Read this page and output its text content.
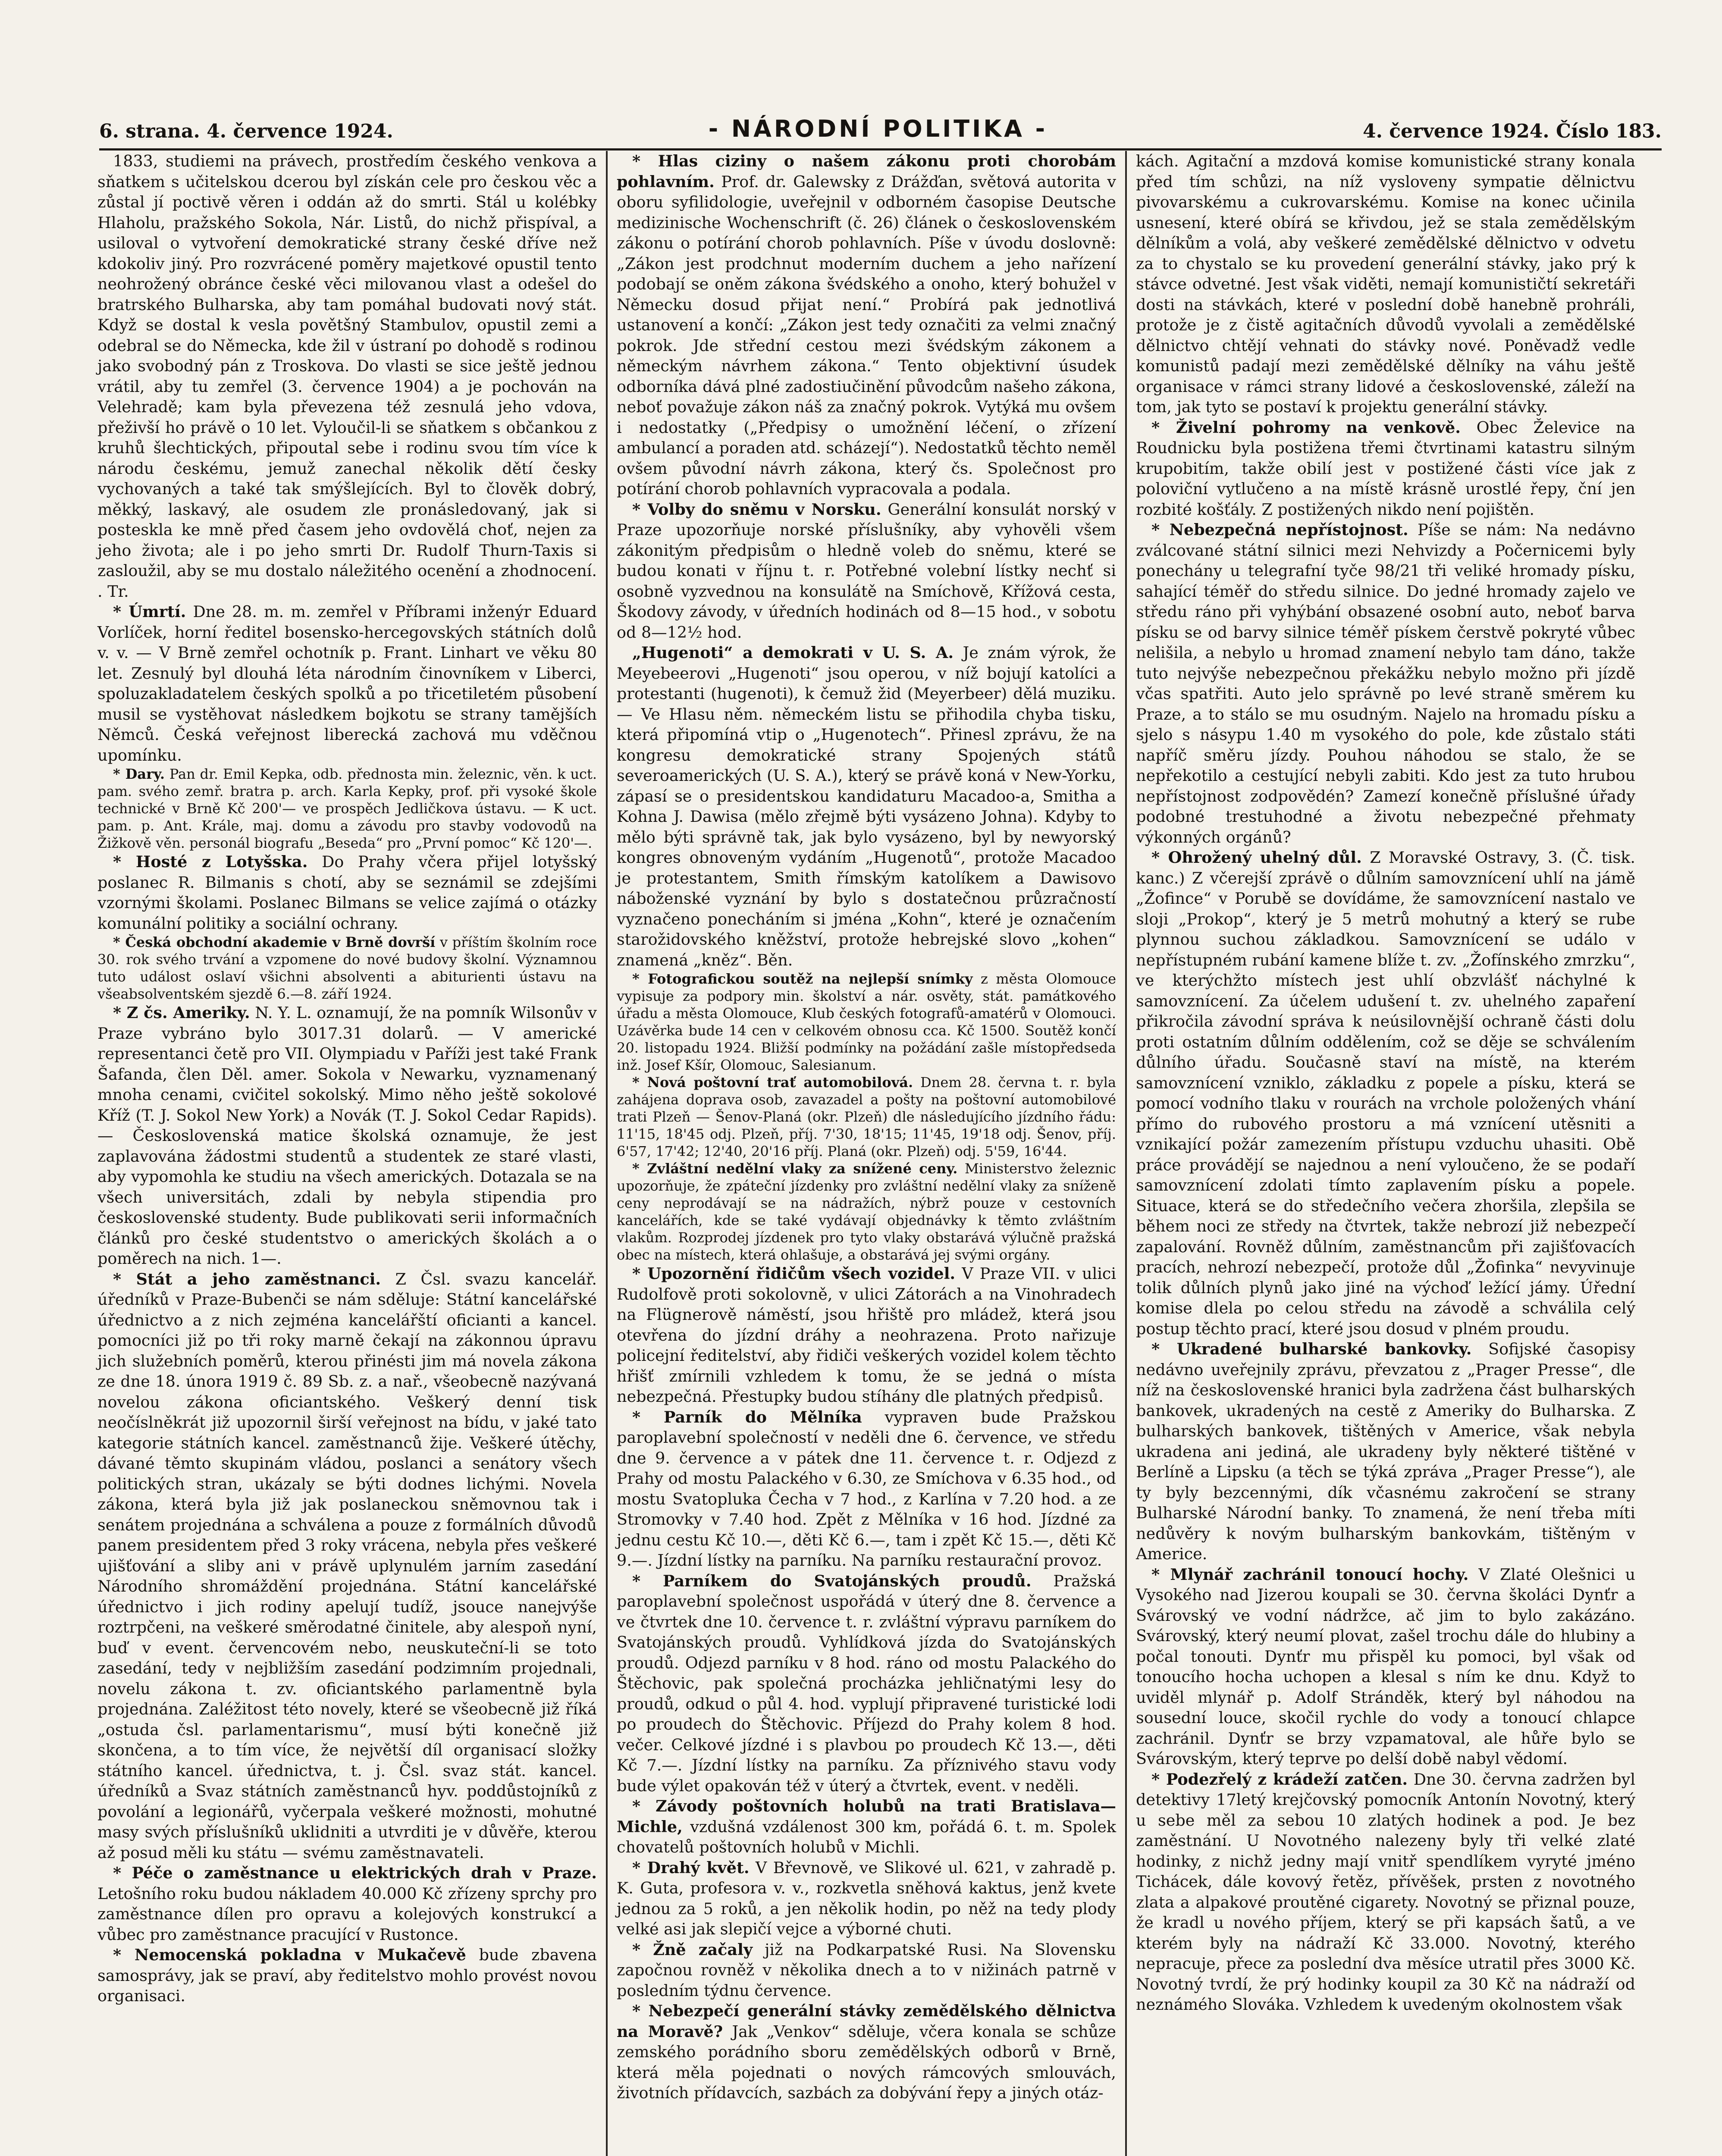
6. strana. 4. července 1924.	- NÁRODNÍ POLITIKA -	4. července 1924. Číslo 183.

1833, studiemi na právech, prostředím českého venkova a sňatkem s učitelskou dcerou byl získán cele pro českou věc a zůstal jí poctivě věren i oddán až do smrti. Stál u kolébky Hlaholu, pražského Sokola, Nár. Listů, do nichž přispíval, a usiloval o vytvoření demokratické strany české dříve než kdokoliv jiný. Pro rozvrácené poměry majetkové opustil tento neohrožený obránce české věci milovanou vlast a odešel do bratrského Bulharska, aby tam pomáhal budovati nový stát. Když se dostal k vesla povětšný Stambulov, opustil zemi a odebral se do Německa, kde žil v ústraní po dohodě s rodinou jako svobodný pán z Troskova. Do vlasti se sice ještě jednou vrátil, aby tu zemřel (3. července 1904) a je pochován na Velehradě; kam byla převezena též zesnulá jeho vdova, přeživší ho právě o 10 let. Vyloučil-li se sňatkem s občankou z kruhů šlechtických, připoutal sebe i rodinu svou tím více k národu českému, jemuž zanechal několik dětí česky vychovaných a také tak smýšlejících. Byl to člověk dobrý, měkký, laskavý, ale osudem zle pronásledovaný, jak si posteskla ke mně před časem jeho ovdovělá choť, nejen za jeho života; ale i po jeho smrti Dr. Rudolf Thurn-Taxis si zasloužil, aby se mu dostalo náležitého ocenění a zhodnocení. . Tr.

* Úmrtí. Dne 28. m. m. zemřel v Příbrami inženýr Eduard Vorlíček, horní ředitel bosensko-hercegovských státních dolů v. v. — V Brně zemřel ochotník p. Frant. Linhart ve věku 80 let. Zesnulý byl dlouhá léta národním činovníkem v Liberci, spoluzakladatelem českých spolků a po třicetiletém působení musil se vystěhovat následkem bojkotu se strany tamějších Němců. Česká veřejnost liberecká zachová mu vděčnou upomínku.

* Dary. Pan dr. Emil Kepka, odb. přednosta min. železnic, věn. k uct. pam. svého zemř. bratra p. arch. Karla Kepky, prof. při vysoké škole technické v Brně Kč 200'— ve prospěch Jedličkova ústavu. — K uct. pam. p. Ant. Krále, maj. domu a závodu pro stavby vodovodů na Žižkově věn. personál biografu „Beseda“ pro „První pomoc“ Kč 120'—.

* Hosté z Lotyšska. Do Prahy včera přijel lotyšský poslanec R. Bilmanis s chotí, aby se seznámil se zdejšími vzornými školami. Poslanec Bilmans se velice zajímá o otázky komunální politiky a sociální ochrany.

* Česká obchodní akademie v Brně dovrší v příštím školním roce 30. rok svého trvání a vzpomene do nové budovy školní. Významnou tuto událost oslaví všichni absolventi a abiturienti ústavu na všeabsolventském sjezdě 6.—8. září 1924.

* Z čs. Ameriky. N. Y. L. oznamují, že na pomník Wilsonův v Praze vybráno bylo 3017.31 dolarů. — V americké representanci četě pro VII. Olympiadu v Paříži jest také Frank Šafanda, člen Děl. amer. Sokola v Newarku, vyznamenaný mnoha cenami, cvičitel sokolský. Mimo něho ještě sokolové Kříž (T. J. Sokol New York) a Novák (T. J. Sokol Cedar Rapids). — Československá matice školská oznamuje, že jest zaplavována žádostmi studentů a studentek ze staré vlasti, aby vypomohla ke studiu na všech amerických. Dotazala se na všech universitách, zdali by nebyla stipendia pro československé studenty. Bude publikovati serii informačních článků pro české studentstvo o amerických školách a o poměrech na nich. 1—.

* Stát a jeho zaměstnanci. Z Čsl. svazu kancelář. úředníků v Praze-Bubenči se nám sděluje: Státní kancelářské úřednictvo a z nich zejména kancelářští oficianti a kancel. pomocníci již po tři roky marně čekají na zákonnou úpravu jich služebních poměrů, kterou přinésti jim má novela zákona ze dne 18. února 1919 č. 89 Sb. z. a nař., všeobecně nazývaná novelou zákona oficiantského. Veškerý denní tisk neočíslněkrát již upozornil širší veřejnost na bídu, v jaké tato kategorie státních kancel. zaměstnanců žije. Veškeré útěchy, dávané těmto skupinám vládou, poslanci a senátory všech politických stran, ukázaly se býti dodnes lichými. Novela zákona, která byla již jak poslaneckou sněmovnou tak i senátem projednána a schválena a pouze z formálních důvodů panem presidentem před 3 roky vrácena, nebyla přes veškeré ujišťování a sliby ani v právě uplynulém jarním zasedání Národního shromáždění projednána. Státní kancelářské úřednictvo i jich rodiny apelují tudíž, jsouce nanejvýše roztrpčeni, na veškeré směrodatné činitele, aby alespoň nyní, buď v event. červencovém nebo, neuskuteční-li se toto zasedání, tedy v nejbližším zasedání podzimním projednali, novelu zákona t. zv. oficiantského parlamentně byla projednána. Zaléžitost této novely, které se všeobecně již říká „ostuda čsl. parlamentarismu“, musí býti konečně již skončena, a to tím více, že největší díl organisací složky státního kancel. úřednictva, t. j. Čsl. svaz stát. kancel. úředníků a Svaz státních zaměstnanců hyv. poddůstojníků z povolání a legionářů, vyčerpala veškeré možnosti, mohutné masy svých příslušníků uklidniti a utvrditi je v důvěře, kterou až posud měli ku státu — svému zaměstnavateli.

* Péče o zaměstnance u elektrických drah v Praze. Letošního roku budou nákladem 40.000 Kč zřízeny sprchy pro zaměstnance dílen pro opravu a kolejových konstrukcí a vůbec pro zaměstnance pracující v Rustonce.

* Nemocenská pokladna v Mukačevě bude zbavena samosprávy, jak se praví, aby ředitelstvo mohlo provést novou organisaci.

* Hlas ciziny o našem zákonu proti chorobám pohlavním. Prof. dr. Galewsky z Drážďan, světová autorita v oboru syfilidologie, uveřejnil v odborném časopise Deutsche medizinische Wochenschrift (č. 26) článek o československém zákonu o potírání chorob pohlavních. Píše v úvodu doslovně: „Zákon jest prodchnut moderním duchem a jeho nařízení podobají se oněm zákona švédského a onoho, který bohužel v Německu dosud přijat není.“ Probírá pak jednotlivá ustanovení a končí: „Zákon jest tedy označiti za velmi značný pokrok. Jde střední cestou mezi švédským zákonem a německým návrhem zákona.“ Tento objektivní úsudek odborníka dává plné zadostiučinění původcům našeho zákona, neboť považuje zákon náš za značný pokrok. Vytýká mu ovšem i nedostatky („Předpisy o umožnění léčení, o zřízení ambulancí a poraden atd. scházejí“). Nedostatků těchto neměl ovšem původní návrh zákona, který čs. Společnost pro potírání chorob pohlavních vypracovala a podala.

* Volby do sněmu v Norsku. Generální konsulát norský v Praze upozorňuje norské příslušníky, aby vyhověli všem zákonitým předpisům o hledně voleb do sněmu, které se budou konati v říjnu t. r. Potřebné volební lístky nechť si osobně vyzvednou na konsulátě na Smíchově, Křížová cesta, Škodovy závody, v úředních hodinách od 8—15 hod., v sobotu od 8—12½ hod.

„Hugenoti“ a demokrati v U. S. A. Je znám výrok, že Meyebeerovi „Hugenoti“ jsou operou, v níž bojují katolíci a protestanti (hugenoti), k čemuž žid (Meyerbeer) dělá muziku. — Ve Hlasu něm. německém listu se přihodila chyba tisku, která připomíná vtip o „Hugenotech“. Přinesl zprávu, že na kongresu demokratické strany Spojených států severoamerických (U. S. A.), který se právě koná v New-Yorku, zápasí se o presidentskou kandidaturu Macadoo-a, Smitha a Kohna J. Dawisa (mělo zřejmě býti vysázeno Johna). Kdyby to mělo býti správně tak, jak bylo vysázeno, byl by newyorský kongres obnoveným vydáním „Hugenotů“, protože Macadoo je protestantem, Smith římským katolíkem a Dawisovo náboženské vyznání by bylo s dostatečnou průzračností vyznačeno ponecháním si jména „Kohn“, které je označením starožidovského kněžství, protože hebrejské slovo „kohen“ znamená „kněz“. Běn.

* Fotografickou soutěž na nejlepší snímky z města Olomouce vypisuje za podpory min. školství a nár. osvěty, stát. památkového úřadu a města Olomouce, Klub českých fotografů-amatérů v Olomouci. Uzávěrka bude 14 cen v celkovém obnosu cca. Kč 1500. Soutěž končí 20. listopadu 1924. Bližší podmínky na požádání zašle místopředseda inž. Josef Kšír, Olomouc, Salesianum.

* Nová poštovní trať automobilová. Dnem 28. června t. r. byla zahájena doprava osob, zavazadel a pošty na poštovní automobilové trati Plzeň — Šenov-Planá (okr. Plzeň) dle následujícího jízdního řádu: 11'15, 18'45 odj. Plzeň, příj. 7'30, 18'15; 11'45, 19'18 odj. Šenov, příj. 6'57, 17'42; 12'40, 20'16 příj. Planá (okr. Plzeň) odj. 5'59, 16'44.

* Zvláštní nedělní vlaky za snížené ceny. Ministerstvo železnic upozorňuje, že zpáteční jízdenky pro zvláštní nedělní vlaky za sníženě ceny neprodávají se na nádražích, nýbrž pouze v cestovních kancelářích, kde se také vydávají objednávky k těmto zvláštním vlakům. Rozprodej jízdenek pro tyto vlaky obstarává výlučně pražská obec na místech, která ohlašuje, a obstarává jej svými orgány.

* Upozornění řidičům všech vozidel. V Praze VII. v ulici Rudolfově proti sokolovně, v ulici Zátorách a na Vinohradech na Flügnerově náměstí, jsou hřiště pro mládež, která jsou otevřena do jízdní dráhy a neohrazena. Proto nařizuje policejní ředitelství, aby řidiči veškerých vozidel kolem těchto hřišť zmírnili vzhledem k tomu, že se jedná o místa nebezpečná. Přestupky budou stíhány dle platných předpisů.

* Parník do Mělníka vypraven bude Pražskou paroplavební společností v neděli dne 6. července, ve středu dne 9. července a v pátek dne 11. července t. r. Odjezd z Prahy od mostu Palackého v 6.30, ze Smíchova v 6.35 hod., od mostu Svatopluka Čecha v 7 hod., z Karlína v 7.20 hod. a ze Stromovky v 7.40 hod. Zpět z Mělníka v 16 hod. Jízdné za jednu cestu Kč 10.—, děti Kč 6.—, tam i zpět Kč 15.—, děti Kč 9.—. Jízdní lístky na parníku. Na parníku restaurační provoz.

* Parníkem do Svatojánských proudů. Pražská paroplavební společnost uspořádá v úterý dne 8. července a ve čtvrtek dne 10. července t. r. zvláštní výpravu parníkem do Svatojánských proudů. Vyhlídková jízda do Svatojánských proudů. Odjezd parníku v 8 hod. ráno od mostu Palackého do Štěchovic, pak společná procházka jehličnatými lesy do proudů, odkud o půl 4. hod. vyplují připravené turistické lodi po proudech do Štěchovic. Příjezd do Prahy kolem 8 hod. večer. Celkové jízdné i s plavbou po proudech Kč 13.—, děti Kč 7.—. Jízdní lístky na parníku. Za příznivého stavu vody bude výlet opakován též v úterý a čtvrtek, event. v neděli.

* Závody poštovních holubů na trati Bratislava—Michle, vzdušná vzdálenost 300 km, pořádá 6. t. m. Spolek chovatelů poštovních holubů v Michli.

* Drahý květ. V Břevnově, ve Slikové ul. 621, v zahradě p. K. Guta, profesora v. v., rozkvetla sněhová kaktus, jenž kvete jednou za 5 roků, a jen několik hodin, po něž na tedy plody velké asi jak slepičí vejce a výborné chuti.

* Žně začaly již na Podkarpatské Rusi. Na Slovensku započnou rovněž v několika dnech a to v nižinách patrně v posledním týdnu července.

* Nebezpečí generální stávky zemědělského dělnictva na Moravě? Jak „Venkov“ sděluje, včera konala se schůze zemského porádního sboru zemědělských odborů v Brně, která měla pojednati o nových rámcových smlouvách, životních přídavcích, sazbách za dobývání řepy a jiných otáz-

kách. Agitační a mzdová komise komunistické strany konala před tím schůzi, na níž vysloveny sympatie dělnictvu pivovarskému a cukrovarskému. Komise na konec učinila usnesení, které obírá se křivdou, jež se stala zemědělským dělníkům a volá, aby veškeré zemědělské dělnictvo v odvetu za to chystalo se ku provedení generální stávky, jako prý k stávce odvetné. Jest však viděti, nemají komunističtí sekretáři dosti na stávkách, které v poslední době hanebně prohráli, protože je z čistě agitačních důvodů vyvolali a zemědělské dělnictvo chtějí vehnati do stávky nové. Poněvadž vedle komunistů padají mezi zemědělské dělníky na váhu ještě organisace v rámci strany lidové a československé, záleží na tom, jak tyto se postaví k projektu generální stávky.

* Živelní pohromy na venkově. Obec Želevice na Roudnicku byla postižena třemi čtvrtinami katastru silným krupobitím, takže obilí jest v postižené části více jak z poloviční vytlučeno a na místě krásně urostlé řepy, ční jen rozbité košťály. Z postižených nikdo není pojištěn.

* Nebezpečná nepřístojnost. Píše se nám: Na nedávno zválcované státní silnici mezi Nehvizdy a Počernicemi byly ponechány u telegrafní tyče 98/21 tři veliké hromady písku, sahající téměř do středu silnice. Do jedné hromady zajelo ve středu ráno při vyhýbání obsazené osobní auto, neboť barva písku se od barvy silnice téměř pískem čerstvě pokryté vůbec nelišila, a nebylo u hromad znamení nebylo tam dáno, takže tuto nejvýše nebezpečnou překážku nebylo možno při jízdě včas spatřiti. Auto jelo správně po levé straně směrem ku Praze, a to stálo se mu osudným. Najelo na hromadu písku a sjelo s násypu 1.40 m vysokého do pole, kde zůstalo státi napříč směru jízdy. Pouhou náhodou se stalo, že se nepřekotilo a cestující nebyli zabiti. Kdo jest za tuto hrubou nepřístojnost zodpovědén? Zamezí konečně příslušné úřady podobné trestuhodné a životu nebezpečné přehmaty výkonných orgánů?

* Ohrožený uhelný důl. Z Moravské Ostravy, 3. (Č. tisk. kanc.) Z včerejší zprávě o důlním samovznícení uhlí na jámě „Žofince“ v Porubě se dovídáme, že samovznícení nastalo ve sloji „Prokop“, který je 5 metrů mohutný a který se rube plynnou suchou základkou. Samovznícení se událo v nepřístupném rubání kamene blíže t. zv. „Žofínského zmrzku“, ve kterýchžto místech jest uhlí obzvlášť náchylné k samovznícení. Za účelem udušení t. zv. uhelného zapaření přikročila závodní správa k neúsilovnější ochraně části dolu proti ostatním důlním oddělením, což se děje se schválením důlního úřadu. Současně staví na místě, na kterém samovznícení vzniklo, základku z popele a písku, která se pomocí vodního tlaku v rourách na vrchole položených vhání přímo do rubového prostoru a má vznícení utěsniti a vznikající požár zamezením přístupu vzduchu uhasiti. Obě práce provádějí se najednou a není vyloučeno, že se podaří samovznícení zdolati tímto zaplavením písku a popele. Situace, která se do středečního večera zhoršila, zlepšila se během noci ze středy na čtvrtek, takže nebrozí již nebezpečí zapalování. Rovněž důlním, zaměstnancům při zajišťovacích pracích, nehrozí nebezpečí, protože důl „Žofinka“ nevyvinuje tolik důlních plynů jako jiné na výchoď ležící jámy. Úřední komise dlela po celou středu na závodě a schválila celý postup těchto prací, které jsou dosud v plném proudu.

* Ukradené bulharské bankovky. Sofijské časopisy nedávno uveřejnily zprávu, převzatou z „Prager Presse“, dle níž na československé hranici byla zadržena část bulharských bankovek, ukradených na cestě z Ameriky do Bulharska. Z bulharských bankovek, tištěných v Americe, však nebyla ukradena ani jediná, ale ukradeny byly některé tištěné v Berlíně a Lipsku (a těch se týká zpráva „Prager Presse“), ale ty byly bezcennými, dík včasnému zakročení se strany Bulharské Národní banky. To znamená, že není třeba míti nedůvěry k novým bulharským bankovkám, tištěným v Americe.

* Mlynář zachránil tonoucí hochy. V Zlaté Olešnici u Vysokého nad Jizerou koupali se 30. června školáci Dynťr a Svárovský ve vodní nádržce, ač jim to bylo zakázáno. Svárovský, který neumí plovat, zašel trochu dále do hlubiny a počal tonouti. Dynťr mu přispěl ku pomoci, byl však od tonoucího hocha uchopen a klesal s ním ke dnu. Když to uviděl mlynář p. Adolf Stránděk, který byl náhodou na sousední louce, skočil rychle do vody a tonoucí chlapce zachránil. Dynťr se brzy vzpamatoval, ale hůře bylo se Svárovským, který teprve po delší době nabyl vědomí.

* Podezřelý z krádeží zatčen. Dne 30. června zadržen byl detektivy 17letý krejčovský pomocník Antonín Novotný, který u sebe měl za sebou 10 zlatých hodinek a pod. Je bez zaměstnání. U Novotného nalezeny byly tři velké zlaté hodinky, z nichž jedny mají vnitř spendlíkem vyryté jméno Tichácek, dále kovový řetěz, přívěšek, prsten z novotného zlata a alpakové proutěné cigarety. Novotný se přiznal pouze, že kradl u nového příjem, který se při kapsách šatů, a ve kterém byly na nádraží Kč 33.000. Novotný, kterého nepracuje, přece za poslední dva měsíce utratil přes 3000 Kč. Novotný tvrdí, že prý hodinky koupil za 30 Kč na nádraží od neznámého Slováka. Vzhledem k uvedeným okolnostem však
